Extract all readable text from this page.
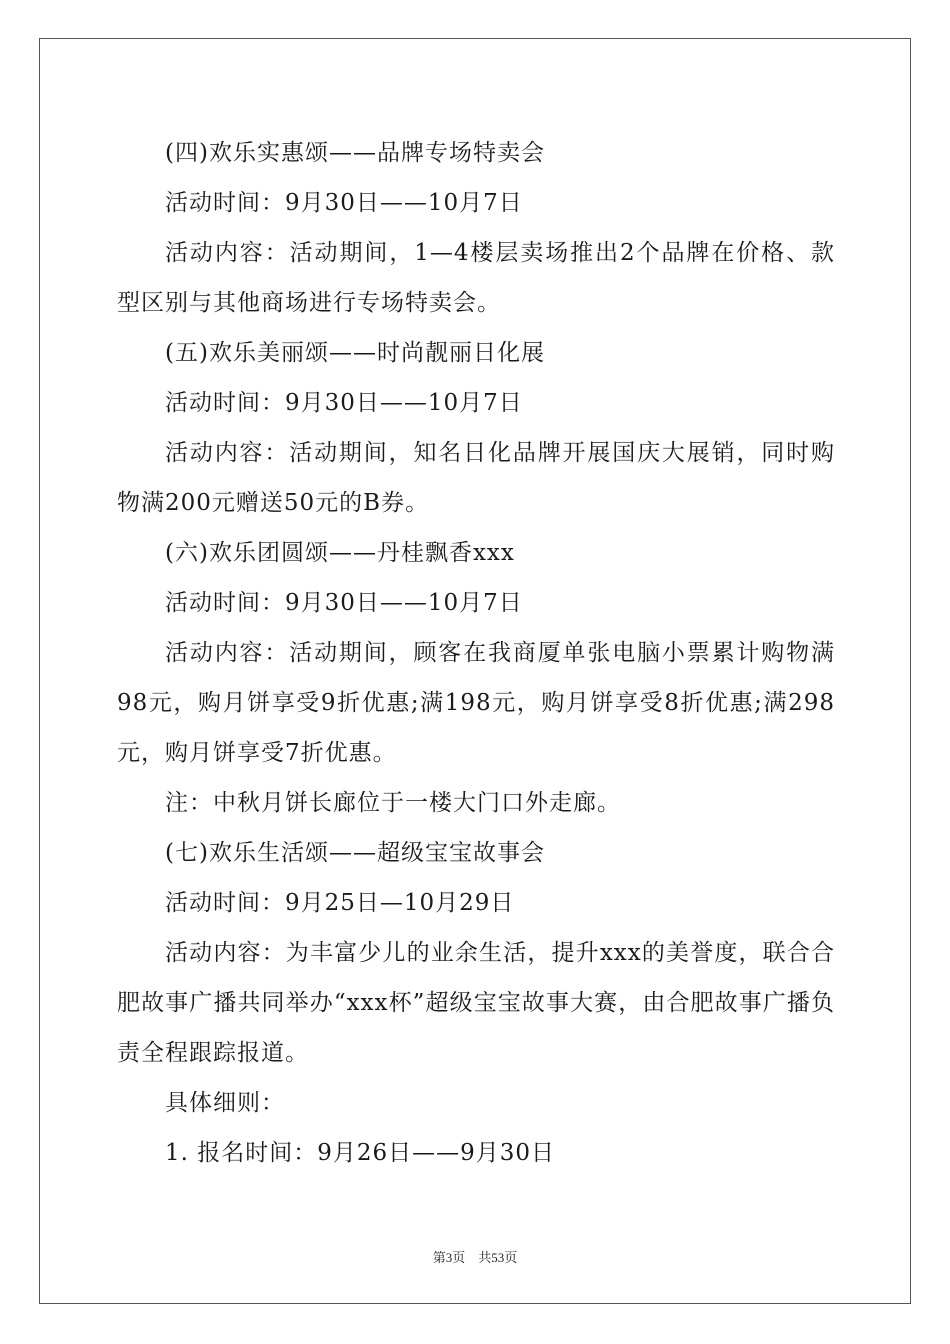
(四)欢乐实惠颂——品牌专场特卖会

活动时间：9月30日——10月7日

活动内容：活动期间，1—4楼层卖场推出2个品牌在价格、款型区别与其他商场进行专场特卖会。

(五)欢乐美丽颂——时尚靓丽日化展

活动时间：9月30日——10月7日

活动内容：活动期间，知名日化品牌开展国庆大展销，同时购物满200元赠送50元的B券。

(六)欢乐团圆颂——丹桂飘香xxx

活动时间：9月30日——10月7日

活动内容：活动期间，顾客在我商厦单张电脑小票累计购物满98元，购月饼享受9折优惠;满198元，购月饼享受8折优惠;满298元，购月饼享受7折优惠。

注：中秋月饼长廊位于一楼大门口外走廊。

(七)欢乐生活颂——超级宝宝故事会

活动时间：9月25日—10月29日

活动内容：为丰富少儿的业余生活，提升xxx的美誉度，联合合肥故事广播共同举办“xxx杯”超级宝宝故事大赛，由合肥故事广播负责全程跟踪报道。

具体细则：

1. 报名时间：9月26日——9月30日

第3页　共53页
